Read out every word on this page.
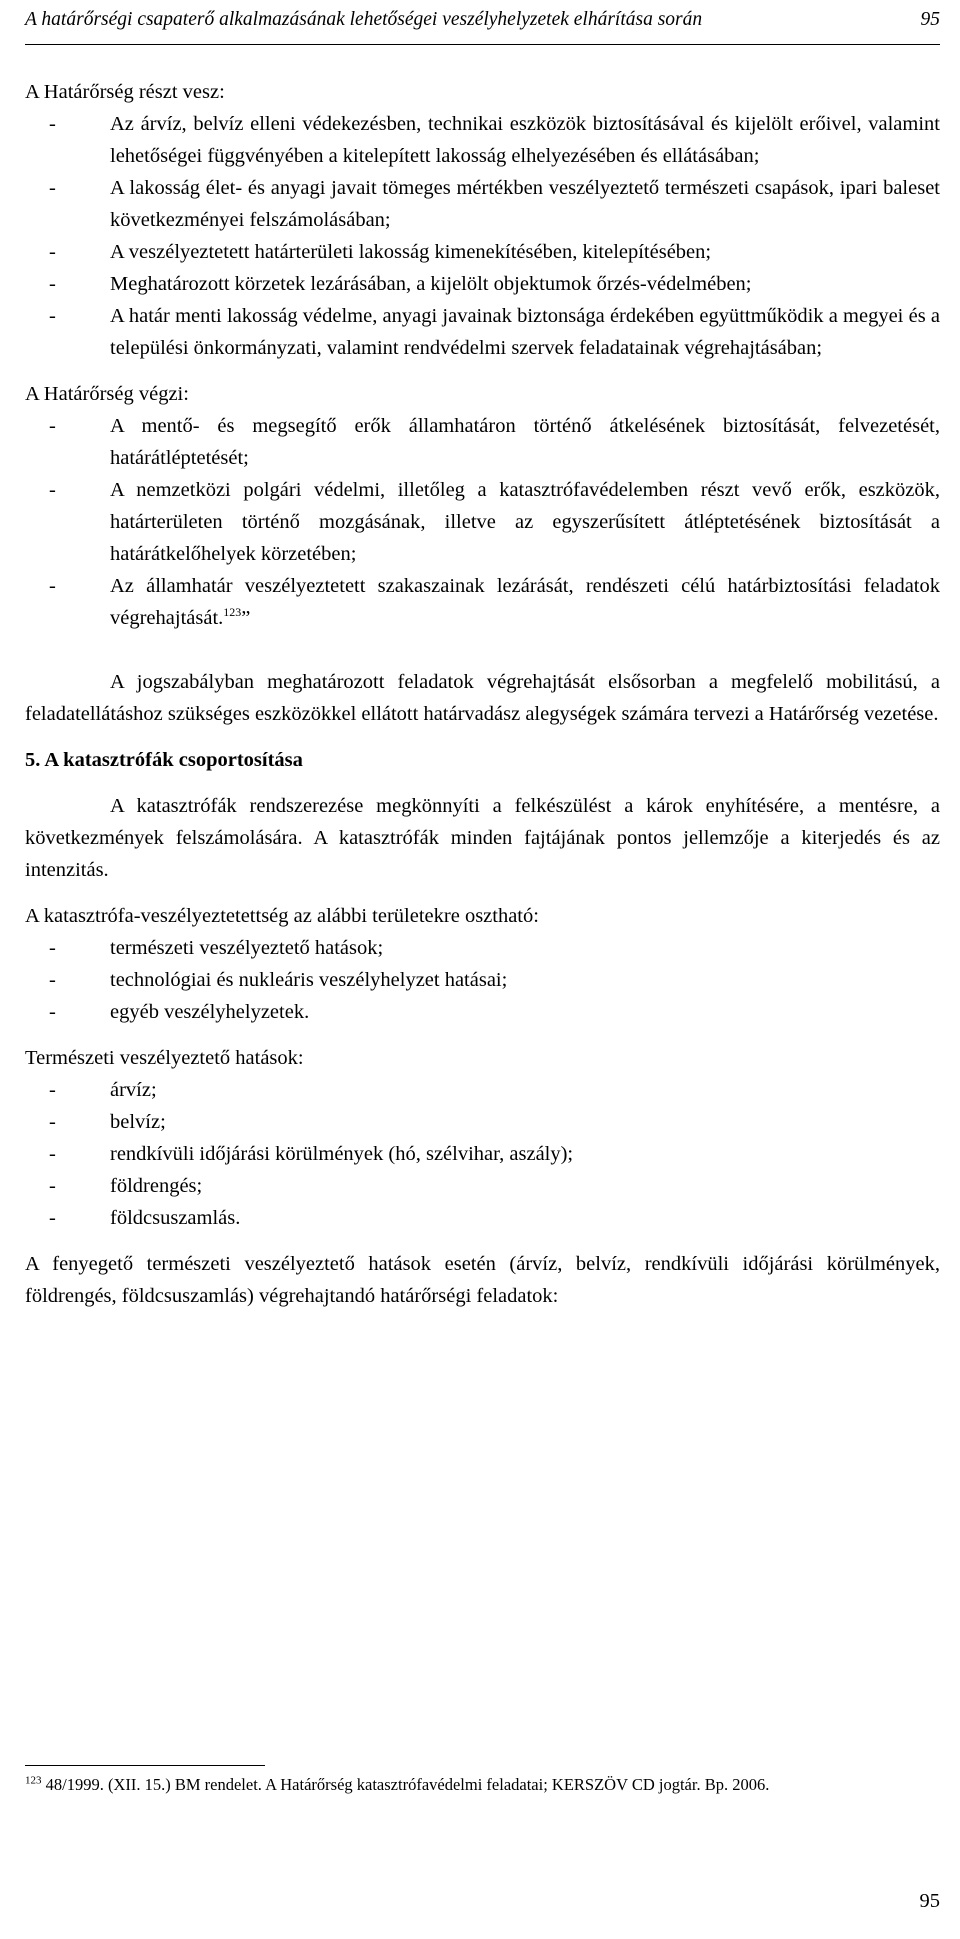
A határőrségi csapaterő alkalmazásának lehetőségei veszélyhelyzetek elhárítása során	95

A Határőrség részt vesz:

- Az árvíz, belvíz elleni védekezésben, technikai eszközök biztosításával és kijelölt erőivel, valamint lehetőségei függvényében a kitelepített lakosság elhelyezésében és ellátásában;
- A lakosság élet- és anyagi javait tömeges mértékben veszélyeztető természeti csapások, ipari baleset következményei felszámolásában;
- A veszélyeztetett határterületi lakosság kimenekítésében, kitelepítésében;
- Meghatározott körzetek lezárásában, a kijelölt objektumok őrzés-védelmében;
- A határ menti lakosság védelme, anyagi javainak biztonsága érdekében együttműködik a megyei és a települési önkormányzati, valamint rendvédelmi szervek feladatainak végrehajtásában;

A Határőrség végzi:

- A mentő- és megsegítő erők államhatáron történő átkelésének biztosítását, felvezetését, határátléptetését;
- A nemzetközi polgári védelmi, illetőleg a katasztrófavédelemben részt vevő erők, eszközök, határterületen történő mozgásának, illetve az egyszerűsített átléptetésének biztosítását a határátkelőhelyek körzetében;
- Az államhatár veszélyeztetett szakaszainak lezárását, rendészeti célú határbiztosítási feladatok végrehajtását.$^{123}$”

A jogszabályban meghatározott feladatok végrehajtását elsősorban a megfelelő mobilitású, a feladatellátáshoz szükséges eszközökkel ellátott határvadász alegységek számára tervezi a Határőrség vezetése.

5. A katasztrófák csoportosítása

A katasztrófák rendszerezése megkönnyíti a felkészülést a károk enyhítésére, a mentésre, a következmények felszámolására. A katasztrófák minden fajtájának pontos jellemzője a kiterjedés és az intenzitás.

A katasztrófa-veszélyeztetettség az alábbi területekre osztható:

- természeti veszélyeztető hatások;
- technológiai és nukleáris veszélyhelyzet hatásai;
- egyéb veszélyhelyzetek.

Természeti veszélyeztető hatások:

- árvíz;
- belvíz;
- rendkívüli időjárási körülmények (hó, szélvihar, aszály);
- földrengés;
- földcsuszamlás.

A fenyegető természeti veszélyeztető hatások esetén (árvíz, belvíz, rendkívüli időjárási körülmények, földrengés, földcsuszamlás) végrehajtandó határőrségi feladatok:

$^{123}$ 48/1999. (XII. 15.) BM rendelet. A Határőrség katasztrófavédelmi feladatai; KERSZÖV CD jogtár. Bp. 2006.
95
